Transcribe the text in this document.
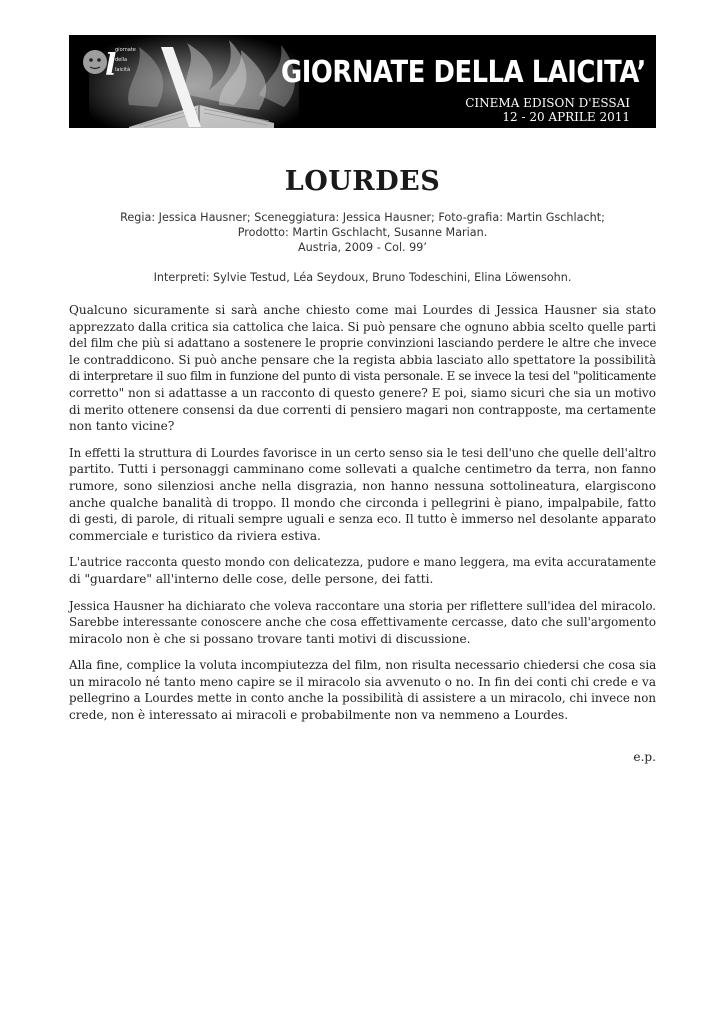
l
giornate
della
laicità	GIORNATE DELLA LAICITA’
CINEMA EDISON D'ESSAI
12 - 20 APRILE 2011
LOURDES
Regia: Jessica Hausner; Sceneggiatura: Jessica Hausner; Foto-grafia: Martin Gschlacht;
Prodotto: Martin Gschlacht, Susanne Marian.
Austria, 2009 - Col. 99’
Interpreti: Sylvie Testud, Léa Seydoux, Bruno Todeschini, Elina Löwensohn.

Qualcuno sicuramente si sarà anche chiesto come mai Lourdes di Jessica Hausner sia stato
apprezzato dalla critica sia cattolica che laica. Si può pensare che ognuno abbia scelto quelle parti
del film che più si adattano a sostenere le proprie convinzioni lasciando perdere le altre che invece
le contraddicono. Si può anche pensare che la regista abbia lasciato allo spettatore la possibilità
di interpretare il suo film in funzione del punto di vista personale. E se invece la tesi del "politicamente
corretto" non si adattasse a un racconto di questo genere? E poi, siamo sicuri che sia un motivo
di merito ottenere consensi da due correnti di pensiero magari non contrapposte, ma certamente
non tanto vicine?

In effetti la struttura di Lourdes favorisce in un certo senso sia le tesi dell'uno che quelle dell'altro
partito. Tutti i personaggi camminano come sollevati a qualche centimetro da terra, non fanno
rumore, sono silenziosi anche nella disgrazia, non hanno nessuna sottolineatura, elargiscono
anche qualche banalità di troppo. Il mondo che circonda i pellegrini è piano, impalpabile, fatto
di gesti, di parole, di rituali sempre uguali e senza eco. Il tutto è immerso nel desolante apparato
commerciale e turistico da riviera estiva.

L'autrice racconta questo mondo con delicatezza, pudore e mano leggera, ma evita accuratamente
di "guardare" all'interno delle cose, delle persone, dei fatti.

Jessica Hausner ha dichiarato che voleva raccontare una storia per riflettere sull'idea del miracolo.
Sarebbe interessante conoscere anche che cosa effettivamente cercasse, dato che sull'argomento
miracolo non è che si possano trovare tanti motivi di discussione.

Alla fine, complice la voluta incompiutezza del film, non risulta necessario chiedersi che cosa sia
un miracolo né tanto meno capire se il miracolo sia avvenuto o no. In fin dei conti chi crede e va
pellegrino a Lourdes mette in conto anche la possibilità di assistere a un miracolo, chi invece non
crede, non è interessato ai miracoli e probabilmente non va nemmeno a Lourdes.

e.p.
